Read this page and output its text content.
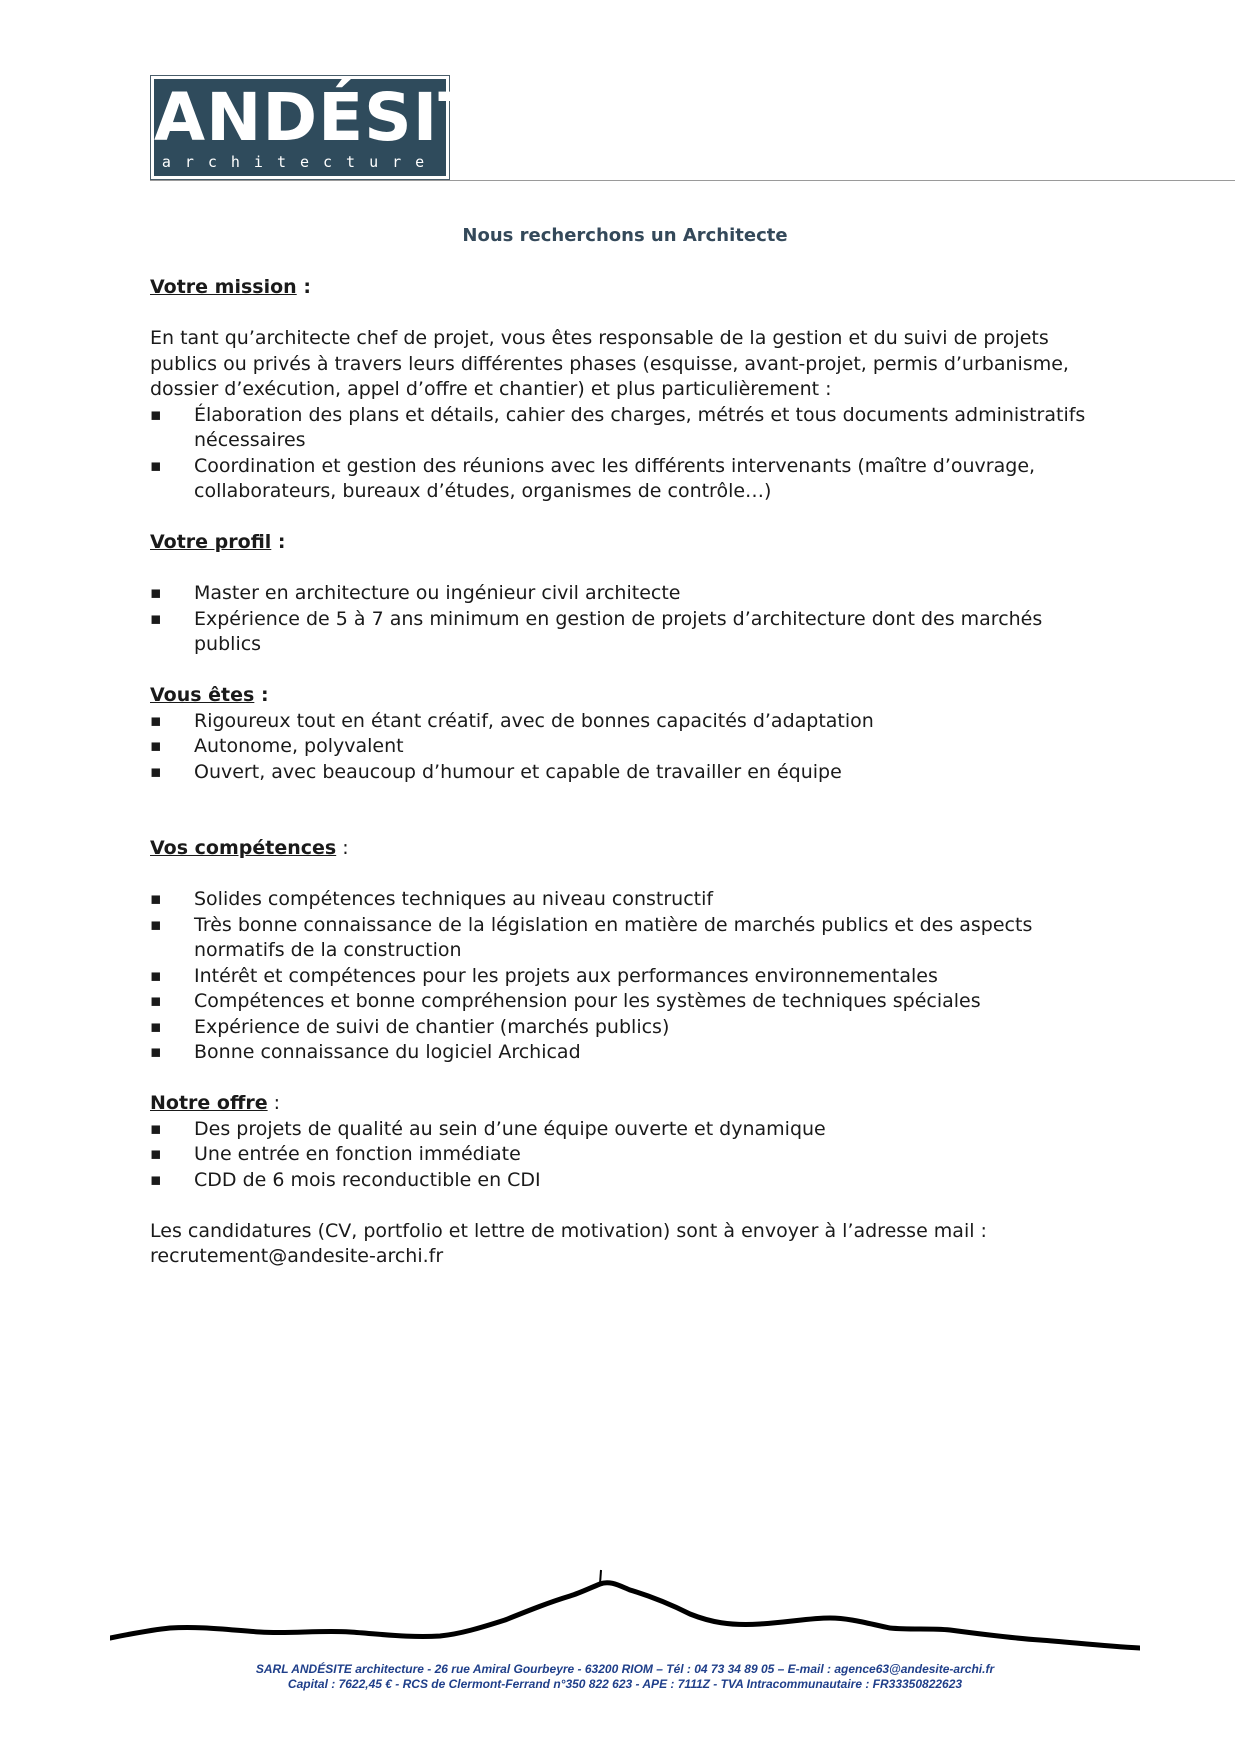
ANDÉSITE
architecture
Nous recherchons un Architecte

Votre mission :

En tant qu’architecte chef de projet, vous êtes responsable de la gestion et du suivi de projets publics ou privés à travers leurs différentes phases (esquisse, avant-projet, permis d’urbanisme, dossier d’exécution, appel d’offre et chantier) et plus particulièrement :

▪ Élaboration des plans et détails, cahier des charges, métrés et tous documents administratifs nécessaires
▪ Coordination et gestion des réunions avec les différents intervenants (maître d’ouvrage, collaborateurs, bureaux d’études, organismes de contrôle…)

Votre profil :

▪ Master en architecture ou ingénieur civil architecte
▪ Expérience de 5 à 7 ans minimum en gestion de projets d’architecture dont des marchés publics

Vous êtes :

▪ Rigoureux tout en étant créatif, avec de bonnes capacités d’adaptation
▪ Autonome, polyvalent
▪ Ouvert, avec beaucoup d’humour et capable de travailler en équipe

Vos compétences :

▪ Solides compétences techniques au niveau constructif
▪ Très bonne connaissance de la législation en matière de marchés publics et des aspects normatifs de la construction
▪ Intérêt et compétences pour les projets aux performances environnementales
▪ Compétences et bonne compréhension pour les systèmes de techniques spéciales
▪ Expérience de suivi de chantier (marchés publics)
▪ Bonne connaissance du logiciel Archicad

Notre offre :

▪ Des projets de qualité au sein d’une équipe ouverte et dynamique
▪ Une entrée en fonction immédiate
▪ CDD de 6 mois reconductible en CDI

Les candidatures (CV, portfolio et lettre de motivation) sont à envoyer à l’adresse mail :

recrutement@andesite-archi.fr

SARL ANDÉSITE architecture - 26 rue Amiral Gourbeyre - 63200 RIOM – Tél : 04 73 34 89 05 – E-mail : agence63@andesite-archi.fr
Capital : 7622,45 € - RCS de Clermont-Ferrand n°350 822 623 - APE : 7111Z - TVA Intracommunautaire : FR33350822623
